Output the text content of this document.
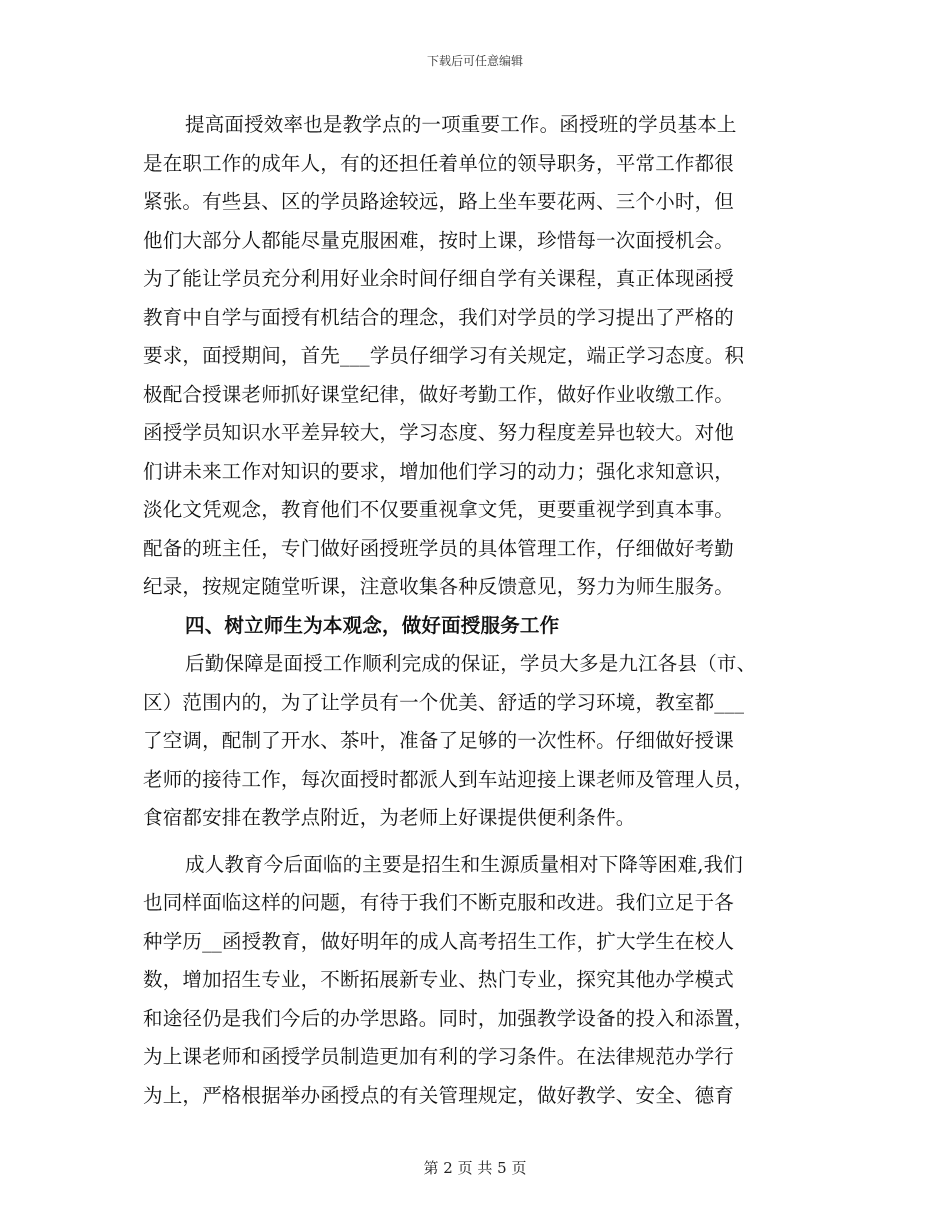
下载后可任意编辑
提高面授效率也是教学点的一项重要工作。函授班的学员基本上
是在职工作的成年人，有的还担任着单位的领导职务，平常工作都很
紧张。有些县、区的学员路途较远，路上坐车要花两、三个小时，但
他们大部分人都能尽量克服困难，按时上课，珍惜每一次面授机会。
为了能让学员充分利用好业余时间仔细自学有关课程，真正体现函授
教育中自学与面授有机结合的理念，我们对学员的学习提出了严格的
要求，面授期间，首先___学员仔细学习有关规定，端正学习态度。积
极配合授课老师抓好课堂纪律，做好考勤工作，做好作业收缴工作。
函授学员知识水平差异较大，学习态度、努力程度差异也较大。对他
们讲未来工作对知识的要求，增加他们学习的动力；强化求知意识，
淡化文凭观念，教育他们不仅要重视拿文凭，更要重视学到真本事。
配备的班主任，专门做好函授班学员的具体管理工作，仔细做好考勤
纪录，按规定随堂听课，注意收集各种反馈意见，努力为师生服务。
四、树立师生为本观念，做好面授服务工作
后勤保障是面授工作顺利完成的保证，学员大多是九江各县（市、
区）范围内的，为了让学员有一个优美、舒适的学习环境，教室都___
了空调，配制了开水、茶叶，准备了足够的一次性杯。仔细做好授课
老师的接待工作，每次面授时都派人到车站迎接上课老师及管理人员，
食宿都安排在教学点附近，为老师上好课提供便利条件。
成人教育今后面临的主要是招生和生源质量相对下降等困难,我们
也同样面临这样的问题，有待于我们不断克服和改进。我们立足于各
种学历__函授教育，做好明年的成人高考招生工作，扩大学生在校人
数，增加招生专业，不断拓展新专业、热门专业，探究其他办学模式
和途径仍是我们今后的办学思路。同时，加强教学设备的投入和添置，
为上课老师和函授学员制造更加有利的学习条件。在法律规范办学行
为上，严格根据举办函授点的有关管理规定，做好教学、安全、德育
第 2 页 共 5 页
